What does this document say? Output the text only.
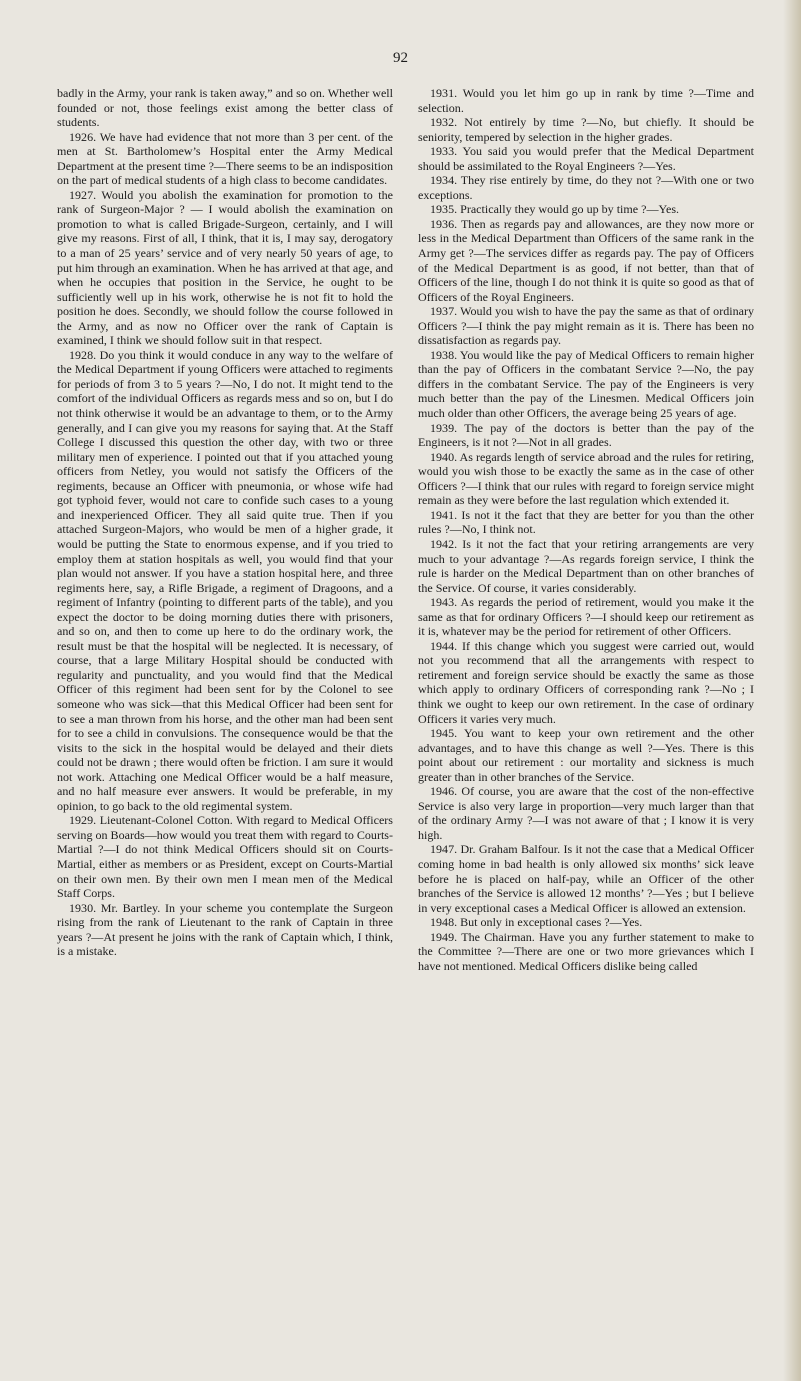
92

badly in the Army, your rank is taken away,” and so on. Whether well founded or not, those feelings exist among the better class of students.

1926. We have had evidence that not more than 3 per cent. of the men at St. Bartholomew’s Hospital enter the Army Medical Department at the present time ?—There seems to be an indisposition on the part of medical students of a high class to become candidates.

1927. Would you abolish the examination for promotion to the rank of Surgeon-Major ? — I would abolish the examination on promotion to what is called Brigade-Surgeon, certainly, and I will give my reasons. First of all, I think, that it is, I may say, derogatory to a man of 25 years’ service and of very nearly 50 years of age, to put him through an examination. When he has arrived at that age, and when he occupies that position in the Service, he ought to be sufficiently well up in his work, otherwise he is not fit to hold the position he does. Secondly, we should follow the course followed in the Army, and as now no Officer over the rank of Captain is examined, I think we should follow suit in that respect.

1928. Do you think it would conduce in any way to the welfare of the Medical Department if young Officers were attached to regiments for periods of from 3 to 5 years ?—No, I do not. It might tend to the comfort of the individual Officers as regards mess and so on, but I do not think otherwise it would be an advantage to them, or to the Army generally, and I can give you my reasons for saying that. At the Staff College I discussed this question the other day, with two or three military men of experience. I pointed out that if you attached young officers from Netley, you would not satisfy the Officers of the regiments, because an Officer with pneumonia, or whose wife had got typhoid fever, would not care to confide such cases to a young and inexperienced Officer. They all said quite true. Then if you attached Surgeon-Majors, who would be men of a higher grade, it would be putting the State to enormous expense, and if you tried to employ them at station hospitals as well, you would find that your plan would not answer. If you have a station hospital here, and three regiments here, say, a Rifle Brigade, a regiment of Dragoons, and a regiment of Infantry (pointing to different parts of the table), and you expect the doctor to be doing morning duties there with prisoners, and so on, and then to come up here to do the ordinary work, the result must be that the hospital will be neglected. It is necessary, of course, that a large Military Hospital should be conducted with regularity and punctuality, and you would find that the Medical Officer of this regiment had been sent for by the Colonel to see someone who was sick—that this Medical Officer had been sent for to see a man thrown from his horse, and the other man had been sent for to see a child in convulsions. The consequence would be that the visits to the sick in the hospital would be delayed and their diets could not be drawn ; there would often be friction. I am sure it would not work. Attaching one Medical Officer would be a half measure, and no half measure ever answers. It would be preferable, in my opinion, to go back to the old regimental system.

1929. Lieutenant-Colonel Cotton. With regard to Medical Officers serving on Boards—how would you treat them with regard to Courts-Martial ?—I do not think Medical Officers should sit on Courts-Martial, either as members or as President, except on Courts-Martial on their own men. By their own men I mean men of the Medical Staff Corps.

1930. Mr. Bartley. In your scheme you contemplate the Surgeon rising from the rank of Lieutenant to the rank of Captain in three years ?—At present he joins with the rank of Captain which, I think, is a mistake.

1931. Would you let him go up in rank by time ?—Time and selection.

1932. Not entirely by time ?—No, but chiefly. It should be seniority, tempered by selection in the higher grades.

1933. You said you would prefer that the Medical Department should be assimilated to the Royal Engineers ?—Yes.

1934. They rise entirely by time, do they not ?—With one or two exceptions.

1935. Practically they would go up by time ?—Yes.

1936. Then as regards pay and allowances, are they now more or less in the Medical Department than Officers of the same rank in the Army get ?—The services differ as regards pay. The pay of Officers of the Medical Department is as good, if not better, than that of Officers of the line, though I do not think it is quite so good as that of Officers of the Royal Engineers.

1937. Would you wish to have the pay the same as that of ordinary Officers ?—I think the pay might remain as it is. There has been no dissatisfaction as regards pay.

1938. You would like the pay of Medical Officers to remain higher than the pay of Officers in the combatant Service ?—No, the pay differs in the combatant Service. The pay of the Engineers is very much better than the pay of the Linesmen. Medical Officers join much older than other Officers, the average being 25 years of age.

1939. The pay of the doctors is better than the pay of the Engineers, is it not ?—Not in all grades.

1940. As regards length of service abroad and the rules for retiring, would you wish those to be exactly the same as in the case of other Officers ?—I think that our rules with regard to foreign service might remain as they were before the last regulation which extended it.

1941. Is not it the fact that they are better for you than the other rules ?—No, I think not.

1942. Is it not the fact that your retiring arrangements are very much to your advantage ?—As regards foreign service, I think the rule is harder on the Medical Department than on other branches of the Service. Of course, it varies considerably.

1943. As regards the period of retirement, would you make it the same as that for ordinary Officers ?—I should keep our retirement as it is, whatever may be the period for retirement of other Officers.

1944. If this change which you suggest were carried out, would not you recommend that all the arrangements with respect to retirement and foreign service should be exactly the same as those which apply to ordinary Officers of corresponding rank ?—No ; I think we ought to keep our own retirement. In the case of ordinary Officers it varies very much.

1945. You want to keep your own retirement and the other advantages, and to have this change as well ?—Yes. There is this point about our retirement : our mortality and sickness is much greater than in other branches of the Service.

1946. Of course, you are aware that the cost of the non-effective Service is also very large in proportion—very much larger than that of the ordinary Army ?—I was not aware of that ; I know it is very high.

1947. Dr. Graham Balfour. Is it not the case that a Medical Officer coming home in bad health is only allowed six months’ sick leave before he is placed on half-pay, while an Officer of the other branches of the Service is allowed 12 months’ ?—Yes ; but I believe in very exceptional cases a Medical Officer is allowed an extension.

1948. But only in exceptional cases ?—Yes.

1949. The Chairman. Have you any further statement to make to the Committee ?—There are one or two more grievances which I have not mentioned. Medical Officers dislike being called
